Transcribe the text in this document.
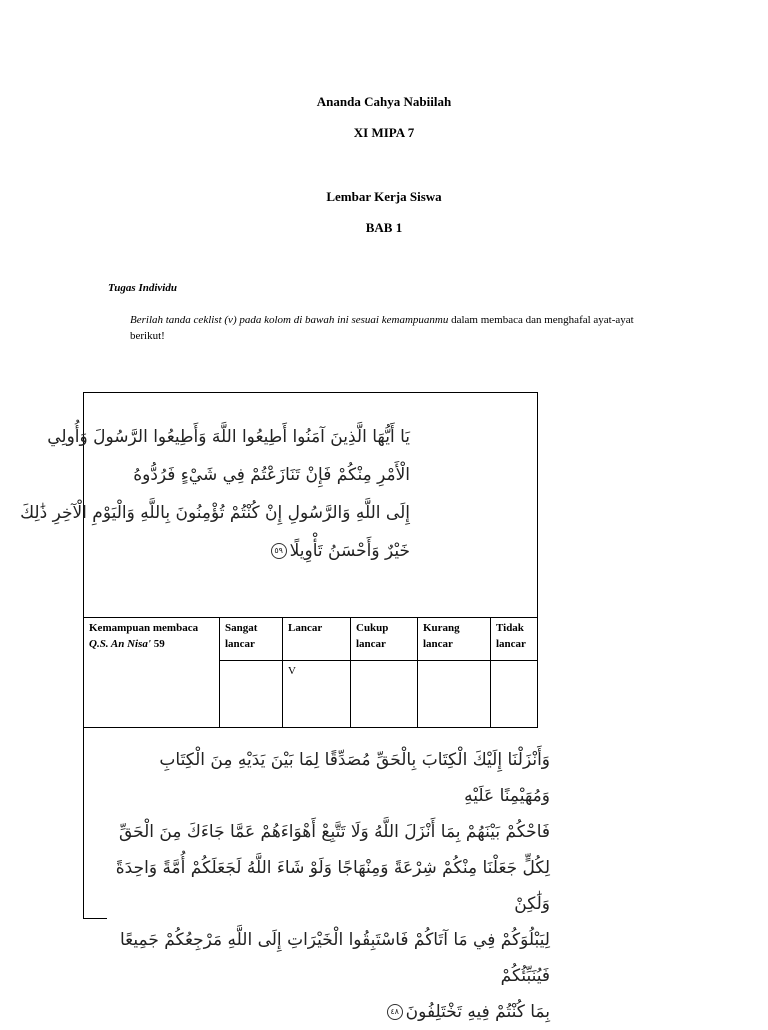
Ananda Cahya Nabiilah
XI MIPA 7
Lembar Kerja Siswa
BAB 1
Tugas Individu
Berilah tanda ceklist (v) pada kolom di bawah ini sesuai kemampuanmu dalam membaca dan menghafal ayat-ayat berikut!
يَا أَيُّهَا الَّذِينَ آمَنُوا أَطِيعُوا اللَّهَ وَأَطِيعُوا الرَّسُولَ وَأُولِي الْأَمْرِ مِنْكُمْ فَإِنْ تَنَازَعْتُمْ فِي شَيْءٍ فَرُدُّوهُ
إِلَى اللَّهِ وَالرَّسُولِ إِنْ كُنْتُمْ تُؤْمِنُونَ بِاللَّهِ وَالْيَوْمِ الْآخِرِ ذَٰلِكَ خَيْرٌ وَأَحْسَنُ تَأْوِيلًا٥٩
Kemampuan membaca Q.S. An Nisa' 59	Sangat lancar	Lancar	Cukup lancar	Kurang lancar	Tidak lancar
		V			
وَأَنْزَلْنَا إِلَيْكَ الْكِتَابَ بِالْحَقِّ مُصَدِّقًا لِمَا بَيْنَ يَدَيْهِ مِنَ الْكِتَابِ وَمُهَيْمِنًا عَلَيْهِ
فَاحْكُمْ بَيْنَهُمْ بِمَا أَنْزَلَ اللَّهُ وَلَا تَتَّبِعْ أَهْوَاءَهُمْ عَمَّا جَاءَكَ مِنَ الْحَقِّ
لِكُلٍّ جَعَلْنَا مِنْكُمْ شِرْعَةً وَمِنْهَاجًا وَلَوْ شَاءَ اللَّهُ لَجَعَلَكُمْ أُمَّةً وَاحِدَةً وَلَٰكِنْ
لِيَبْلُوَكُمْ فِي مَا آتَاكُمْ فَاسْتَبِقُوا الْخَيْرَاتِ إِلَى اللَّهِ مَرْجِعُكُمْ جَمِيعًا فَيُنَبِّئُكُمْ
بِمَا كُنْتُمْ فِيهِ تَخْتَلِفُونَ٤٨
